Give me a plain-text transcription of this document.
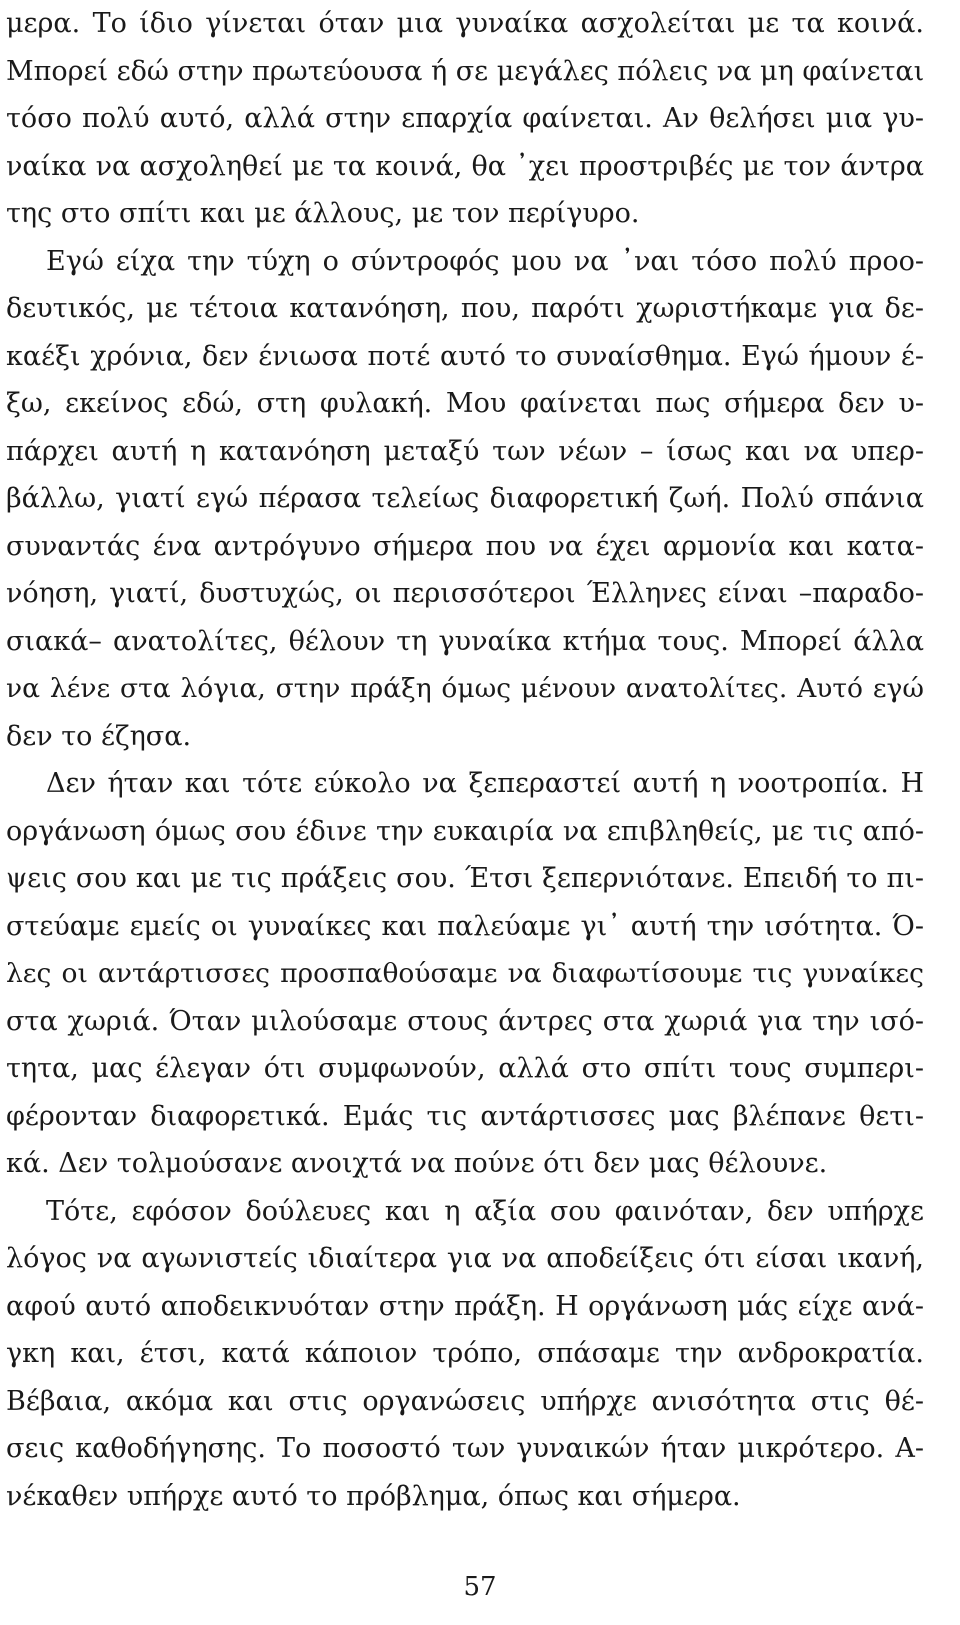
μερα. Το ίδιο γίνεται όταν μια γυναίκα ασχολείται με τα κοινά.
Μπορεί εδώ στην πρωτεύουσα ή σε μεγάλες πόλεις να μη φαίνεται
τόσο πολύ αυτό, αλλά στην επαρχία φαίνεται. Αν θελήσει μια γυ-
ναίκα να ασχοληθεί με τα κοινά, θα ᾽χει προστριβές με τον άντρα
της στο σπίτι και με άλλους, με τον περίγυρο.
Εγώ είχα την τύχη ο σύντροφός μου να ᾽ναι τόσο πολύ προο-
δευτικός, με τέτοια κατανόηση, που, παρότι χωριστήκαμε για δε-
καέξι χρόνια, δεν ένιωσα ποτέ αυτό το συναίσθημα. Εγώ ήμουν έ-
ξω, εκείνος εδώ, στη φυλακή. Μου φαίνεται πως σήμερα δεν υ-
πάρχει αυτή η κατανόηση μεταξύ των νέων – ίσως και να υπερ-
βάλλω, γιατί εγώ πέρασα τελείως διαφορετική ζωή. Πολύ σπάνια
συναντάς ένα αντρόγυνο σήμερα που να έχει αρμονία και κατα-
νόηση, γιατί, δυστυχώς, οι περισσότεροι Έλληνες είναι –παραδο-
σιακά– ανατολίτες, θέλουν τη γυναίκα κτήμα τους. Μπορεί άλλα
να λένε στα λόγια, στην πράξη όμως μένουν ανατολίτες. Αυτό εγώ
δεν το έζησα.
Δεν ήταν και τότε εύκολο να ξεπεραστεί αυτή η νοοτροπία. Η
οργάνωση όμως σου έδινε την ευκαιρία να επιβληθείς, με τις από-
ψεις σου και με τις πράξεις σου. Έτσι ξεπερνιότανε. Επειδή το πι-
στεύαμε εμείς οι γυναίκες και παλεύαμε γι᾽ αυτή την ισότητα. Ό-
λες οι αντάρτισσες προσπαθούσαμε να διαφωτίσουμε τις γυναίκες
στα χωριά. Όταν μιλούσαμε στους άντρες στα χωριά για την ισό-
τητα, μας έλεγαν ότι συμφωνούν, αλλά στο σπίτι τους συμπερι-
φέρονταν διαφορετικά. Εμάς τις αντάρτισσες μας βλέπανε θετι-
κά. Δεν τολμούσανε ανοιχτά να πούνε ότι δεν μας θέλουνε.
Τότε, εφόσον δούλευες και η αξία σου φαινόταν, δεν υπήρχε
λόγος να αγωνιστείς ιδιαίτερα για να αποδείξεις ότι είσαι ικανή,
αφού αυτό αποδεικνυόταν στην πράξη. Η οργάνωση μάς είχε ανά-
γκη και, έτσι, κατά κάποιον τρόπο, σπάσαμε την ανδροκρατία.
Βέβαια, ακόμα και στις οργανώσεις υπήρχε ανισότητα στις θέ-
σεις καθοδήγησης. Το ποσοστό των γυναικών ήταν μικρότερο. Α-
νέκαθεν υπήρχε αυτό το πρόβλημα, όπως και σήμερα.
57
